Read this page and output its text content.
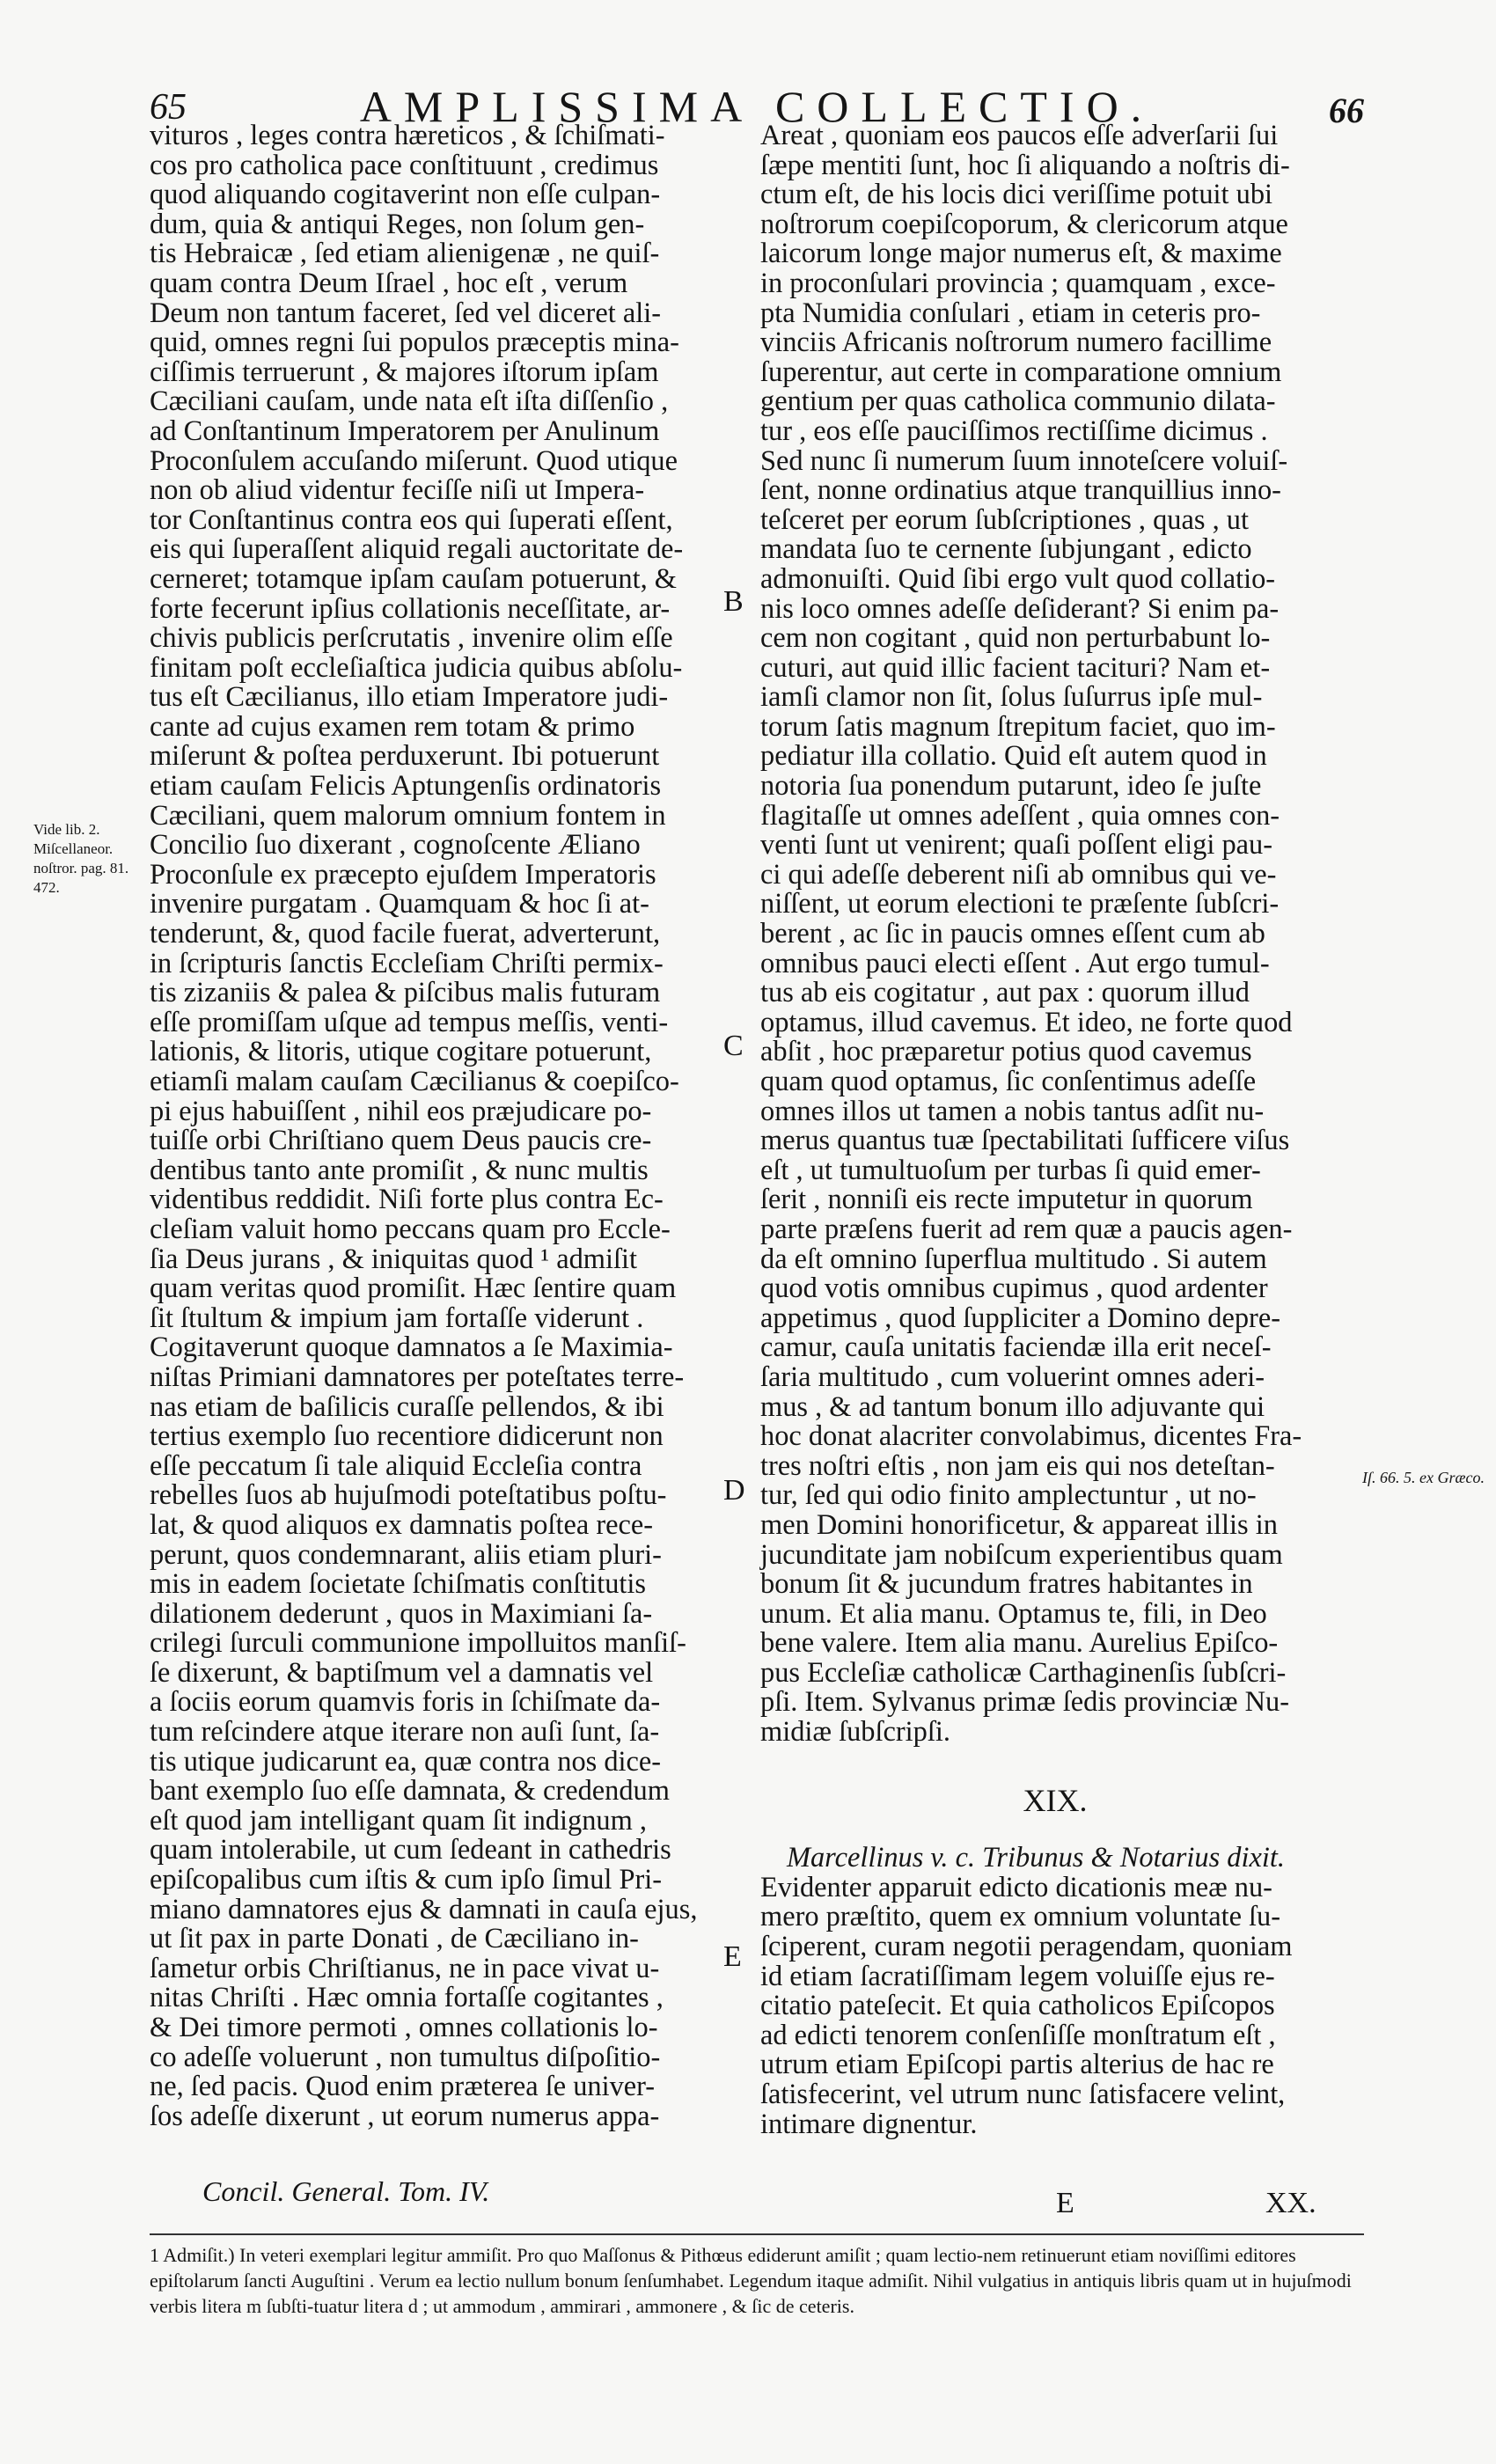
65	AMPLISSIMA COLLECTIO.	66
Vide lib. 2. Miſcellaneor. noſtror. pag. 81. 472.
vituros , leges contra hæreticos , & ſchiſmati-
cos pro catholica pace conſtituunt , credimus
quod aliquando cogitaverint non eſſe culpan-
dum, quia & antiqui Reges, non ſolum gen-
tis Hebraicæ , ſed etiam alienigenæ , ne quiſ-
quam contra Deum Iſrael , hoc eſt , verum
Deum non tantum faceret, ſed vel diceret ali-
quid, omnes regni ſui populos præceptis mina-
ciſſimis terruerunt , & majores iſtorum ipſam
Cæciliani cauſam, unde nata eſt iſta diſſenſio ,
ad Conſtantinum Imperatorem per Anulinum
Proconſulem accuſando miſerunt. Quod utique
non ob aliud videntur feciſſe niſi ut Impera-
tor Conſtantinus contra eos qui ſuperati eſſent,
eis qui ſuperaſſent aliquid regali auctoritate de-
cerneret; totamque ipſam cauſam potuerunt, &
forte fecerunt ipſius collationis neceſſitate, ar-
chivis publicis perſcrutatis , invenire olim eſſe
finitam poſt eccleſiaſtica judicia quibus abſolu-
tus eſt Cæcilianus, illo etiam Imperatore judi-
cante ad cujus examen rem totam & primo
miſerunt & poſtea perduxerunt. Ibi potuerunt
etiam cauſam Felicis Aptungenſis ordinatoris
Cæciliani, quem malorum omnium fontem in
Concilio ſuo dixerant , cognoſcente Æliano
Proconſule ex præcepto ejuſdem Imperatoris
invenire purgatam . Quamquam & hoc ſi at-
tenderunt, &, quod facile fuerat, adverterunt,
in ſcripturis ſanctis Eccleſiam Chriſti permix-
tis zizaniis & palea & piſcibus malis futuram
eſſe promiſſam uſque ad tempus meſſis, venti-
lationis, & litoris, utique cogitare potuerunt,
etiamſi malam cauſam Cæcilianus & coepiſco-
pi ejus habuiſſent , nihil eos præjudicare po-
tuiſſe orbi Chriſtiano quem Deus paucis cre-
dentibus tanto ante promiſit , & nunc multis
videntibus reddidit. Niſi forte plus contra Ec-
cleſiam valuit homo peccans quam pro Eccle-
ſia Deus jurans , & iniquitas quod ¹ admiſit
quam veritas quod promiſit. Hæc ſentire quam
ſit ſtultum & impium jam fortaſſe viderunt .
Cogitaverunt quoque damnatos a ſe Maximia-
niſtas Primiani damnatores per poteſtates terre-
nas etiam de baſilicis curaſſe pellendos, & ibi
tertius exemplo ſuo recentiore didicerunt non
eſſe peccatum ſi tale aliquid Eccleſia contra
rebelles ſuos ab hujuſmodi poteſtatibus poſtu-
lat, & quod aliquos ex damnatis poſtea rece-
perunt, quos condemnarant, aliis etiam pluri-
mis in eadem ſocietate ſchiſmatis conſtitutis
dilationem dederunt , quos in Maximiani ſa-
crilegi ſurculi communione impolluitos manſiſ-
ſe dixerunt, & baptiſmum vel a damnatis vel
a ſociis eorum quamvis foris in ſchiſmate da-
tum reſcindere atque iterare non auſi ſunt, ſa-
tis utique judicarunt ea, quæ contra nos dice-
bant exemplo ſuo eſſe damnata, & credendum
eſt quod jam intelligant quam ſit indignum ,
quam intolerabile, ut cum ſedeant in cathedris
epiſcopalibus cum iſtis & cum ipſo ſimul Pri-
miano damnatores ejus & damnati in cauſa ejus,
ut ſit pax in parte Donati , de Cæciliano in-
ſametur orbis Chriſtianus, ne in pace vivat u-
nitas Chriſti . Hæc omnia fortaſſe cogitantes ,
& Dei timore permoti , omnes collationis lo-
co adeſſe voluerunt , non tumultus diſpoſitio-
ne, ſed pacis. Quod enim præterea ſe univer-
ſos adeſſe dixerunt , ut eorum numerus appa-
B
C
D
E
Areat , quoniam eos paucos eſſe adverſarii ſui
ſæpe mentiti ſunt, hoc ſi aliquando a noſtris di-
ctum eſt, de his locis dici veriſſime potuit ubi
noſtrorum coepiſcoporum, & clericorum atque
laicorum longe major numerus eſt, & maxime
in proconſulari provincia ; quamquam , exce-
pta Numidia conſulari , etiam in ceteris pro-
vinciis Africanis noſtrorum numero facillime
ſuperentur, aut certe in comparatione omnium
gentium per quas catholica communio dilata-
tur , eos eſſe pauciſſimos rectiſſime dicimus .
Sed nunc ſi numerum ſuum innoteſcere voluiſ-
ſent, nonne ordinatius atque tranquillius inno-
teſceret per eorum ſubſcriptiones , quas , ut
mandata ſuo te cernente ſubjungant , edicto
admonuiſti. Quid ſibi ergo vult quod collatio-
nis loco omnes adeſſe deſiderant? Si enim pa-
cem non cogitant , quid non perturbabunt lo-
cuturi, aut quid illic facient tacituri? Nam et-
iamſi clamor non ſit, ſolus ſuſurrus ipſe mul-
torum ſatis magnum ſtrepitum faciet, quo im-
pediatur illa collatio. Quid eſt autem quod in
notoria ſua ponendum putarunt, ideo ſe juſte
flagitaſſe ut omnes adeſſent , quia omnes con-
venti ſunt ut venirent; quaſi poſſent eligi pau-
ci qui adeſſe deberent niſi ab omnibus qui ve-
niſſent, ut eorum electioni te præſente ſubſcri-
berent , ac ſic in paucis omnes eſſent cum ab
omnibus pauci electi eſſent . Aut ergo tumul-
tus ab eis cogitatur , aut pax : quorum illud
optamus, illud cavemus. Et ideo, ne forte quod
abſit , hoc præparetur potius quod cavemus
quam quod optamus, ſic conſentimus adeſſe
omnes illos ut tamen a nobis tantus adſit nu-
merus quantus tuæ ſpectabilitati ſufficere viſus
eſt , ut tumultuoſum per turbas ſi quid emer-
ſerit , nonniſi eis recte imputetur in quorum
parte præſens fuerit ad rem quæ a paucis agen-
da eſt omnino ſuperflua multitudo . Si autem
quod votis omnibus cupimus , quod ardenter
appetimus , quod ſuppliciter a Domino depre-
camur, cauſa unitatis faciendæ illa erit neceſ-
ſaria multitudo , cum voluerint omnes aderi-
mus , & ad tantum bonum illo adjuvante qui
hoc donat alacriter convolabimus, dicentes Fra-
tres noſtri eſtis , non jam eis qui nos deteſtan-
tur, ſed qui odio finito amplectuntur , ut no-
men Domini honorificetur, & appareat illis in
jucunditate jam nobiſcum experientibus quam
bonum ſit & jucundum fratres habitantes in
unum. Et alia manu. Optamus te, fili, in Deo
bene valere. Item alia manu. Aurelius Epiſco-
pus Eccleſiæ catholicæ Carthaginenſis ſubſcri-
pſi. Item. Sylvanus primæ ſedis provinciæ Nu-
midiæ ſubſcripſi.
XIX.
Marcellinus v. c. Tribunus & Notarius dixit.
Evidenter apparuit edicto dicationis meæ nu-
mero præſtito, quem ex omnium voluntate ſu-
ſciperent, curam negotii peragendam, quoniam
id etiam ſacratiſſimam legem voluiſſe ejus re-
citatio pateſecit. Et quia catholicos Epiſcopos
ad edicti tenorem conſenſiſſe monſtratum eſt ,
utrum etiam Epiſcopi partis alterius de hac re
ſatisfecerint, vel utrum nunc ſatisfacere velint,
intimare dignentur.
Iſ. 66. 5. ex Græco.
Concil. General. Tom. IV.	E	XX.
1 Admiſit.) In veteri exemplari legitur ammiſit. Pro quo Maſſonus & Pithœus ediderunt amiſit ; quam lectio-nem retinuerunt etiam noviſſimi editores epiſtolarum ſancti Auguſtini . Verum ea lectio nullum bonum ſenſumhabet. Legendum itaque admiſit. Nihil vulgatius in antiquis libris quam ut in hujuſmodi verbis litera m ſubſti-tuatur litera d ; ut ammodum , ammirari , ammonere , & ſic de ceteris.
